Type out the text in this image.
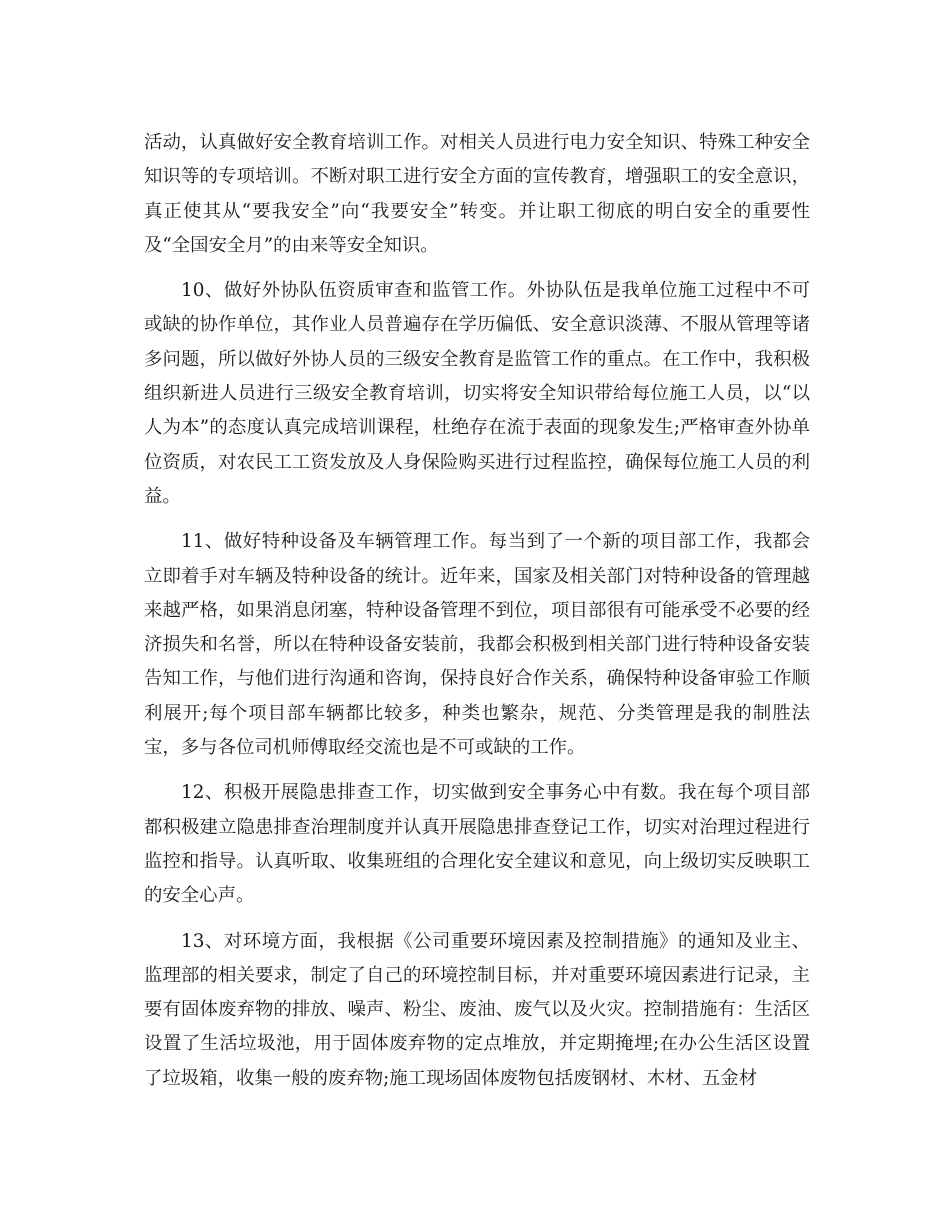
活动，认真做好安全教育培训工作。对相关人员进行电力安全知识、特殊工种安全知识等的专项培训。不断对职工进行安全方面的宣传教育，增强职工的安全意识，真正使其从“要我安全”向“我要安全”转变。并让职工彻底的明白安全的重要性及“全国安全月”的由来等安全知识。

10、做好外协队伍资质审查和监管工作。外协队伍是我单位施工过程中不可或缺的协作单位，其作业人员普遍存在学历偏低、安全意识淡薄、不服从管理等诸多问题，所以做好外协人员的三级安全教育是监管工作的重点。在工作中，我积极组织新进人员进行三级安全教育培训，切实将安全知识带给每位施工人员，以“以人为本”的态度认真完成培训课程，杜绝存在流于表面的现象发生;严格审查外协单位资质，对农民工工资发放及人身保险购买进行过程监控，确保每位施工人员的利益。

11、做好特种设备及车辆管理工作。每当到了一个新的项目部工作，我都会立即着手对车辆及特种设备的统计。近年来，国家及相关部门对特种设备的管理越来越严格，如果消息闭塞，特种设备管理不到位，项目部很有可能承受不必要的经济损失和名誉，所以在特种设备安装前，我都会积极到相关部门进行特种设备安装告知工作，与他们进行沟通和咨询，保持良好合作关系，确保特种设备审验工作顺利展开;每个项目部车辆都比较多，种类也繁杂，规范、分类管理是我的制胜法宝，多与各位司机师傅取经交流也是不可或缺的工作。

12、积极开展隐患排查工作，切实做到安全事务心中有数。我在每个项目部都积极建立隐患排查治理制度并认真开展隐患排查登记工作，切实对治理过程进行监控和指导。认真听取、收集班组的合理化安全建议和意见，向上级切实反映职工的安全心声。

13、对环境方面，我根据《公司重要环境因素及控制措施》的通知及业主、监理部的相关要求，制定了自己的环境控制目标，并对重要环境因素进行记录，主要有固体废弃物的排放、噪声、粉尘、废油、废气以及火灾。控制措施有：生活区设置了生活垃圾池，用于固体废弃物的定点堆放，并定期掩埋;在办公生活区设置了垃圾箱，收集一般的废弃物;施工现场固体废物包括废钢材、木材、五金材
